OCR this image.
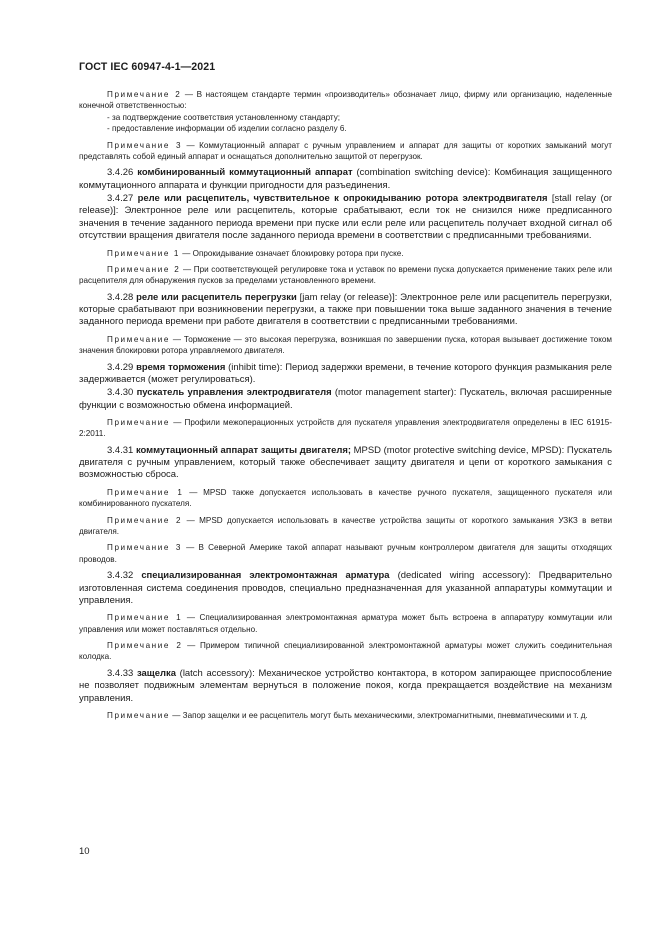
ГОСТ IEC 60947-4-1—2021

Примечание 2 — В настоящем стандарте термин «производитель» обозначает лицо, фирму или организацию, наделенные конечной ответственностью:

- за подтверждение соответствия установленному стандарту;
- предоставление информации об изделии согласно разделу 6.

Примечание 3 — Коммутационный аппарат с ручным управлением и аппарат для защиты от коротких замыканий могут представлять собой единый аппарат и оснащаться дополнительно защитой от перегрузок.

3.4.26 комбинированный коммутационный аппарат (combination switching device): Комбинация защищенного коммутационного аппарата и функции пригодности для разъединения.

3.4.27 реле или расцепитель, чувствительное к опрокидыванию ротора электродвигателя [stall relay (or release)]: Электронное реле или расцепитель, которые срабатывают, если ток не снизился ниже предписанного значения в течение заданного периода времени при пуске или если реле или расцепитель получает входной сигнал об отсутствии вращения двигателя после заданного периода времени в соответствии с предписанными требованиями.

Примечание 1 — Опрокидывание означает блокировку ротора при пуске.

Примечание 2 — При соответствующей регулировке тока и уставок по времени пуска допускается применение таких реле или расцепителя для обнаружения пусков за пределами установленного времени.

3.4.28 реле или расцепитель перегрузки [jam relay (or release)]: Электронное реле или расцепитель перегрузки, которые срабатывают при возникновении перегрузки, а также при повышении тока выше заданного значения в течение заданного периода времени при работе двигателя в соответствии с предписанными требованиями.

Примечание — Торможение — это высокая перегрузка, возникшая по завершении пуска, которая вызывает достижение током значения блокировки ротора управляемого двигателя.

3.4.29 время торможения (inhibit time): Период задержки времени, в течение которого функция размыкания реле задерживается (может регулироваться).

3.4.30 пускатель управления электродвигателя (motor management starter): Пускатель, включая расширенные функции с возможностью обмена информацией.

Примечание — Профили межоперационных устройств для пускателя управления электродвигателя определены в IEC 61915-2:2011.

3.4.31 коммутационный аппарат защиты двигателя; MPSD (motor protective switching device, MPSD): Пускатель двигателя с ручным управлением, который также обеспечивает защиту двигателя и цепи от короткого замыкания с возможностью сброса.

Примечание 1 — MPSD также допускается использовать в качестве ручного пускателя, защищенного пускателя или комбинированного пускателя.

Примечание 2 — MPSD допускается использовать в качестве устройства защиты от короткого замыкания УЗКЗ в ветви двигателя.

Примечание 3 — В Северной Америке такой аппарат называют ручным контроллером двигателя для защиты отходящих проводов.

3.4.32 специализированная электромонтажная арматура (dedicated wiring accessory): Предварительно изготовленная система соединения проводов, специально предназначенная для указанной аппаратуры коммутации и управления.

Примечание 1 — Специализированная электромонтажная арматура может быть встроена в аппаратуру коммутации или управления или может поставляться отдельно.

Примечание 2 — Примером типичной специализированной электромонтажной арматуры может служить соединительная колодка.

3.4.33 защелка (latch accessory): Механическое устройство контактора, в котором запирающее приспособление не позволяет подвижным элементам вернуться в положение покоя, когда прекращается воздействие на механизм управления.

Примечание — Запор защелки и ее расцепитель могут быть механическими, электромагнитными, пневматическими и т. д.

10
